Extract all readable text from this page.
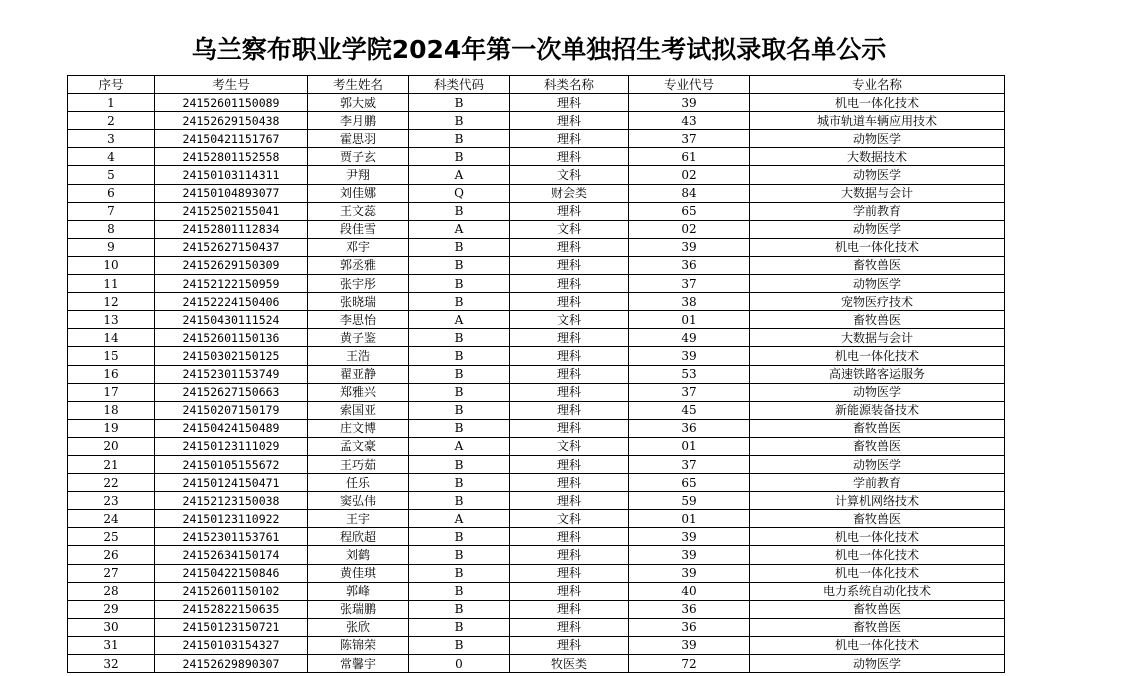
乌兰察布职业学院2024年第一次单独招生考试拟录取名单公示
序号	考生号	考生姓名	科类代码	科类名称	专业代号	专业名称
1	24152601150089	郭大威	B	理科	39	机电一体化技术
2	24152629150438	李月鹏	B	理科	43	城市轨道车辆应用技术
3	24150421151767	霍思羽	B	理科	37	动物医学
4	24152801152558	贾子玄	B	理科	61	大数据技术
5	24150103114311	尹翔	A	文科	02	动物医学
6	24150104893077	刘佳娜	Q	财会类	84	大数据与会计
7	24152502155041	王文蕊	B	理科	65	学前教育
8	24152801112834	段佳雪	A	文科	02	动物医学
9	24152627150437	邓宇	B	理科	39	机电一体化技术
10	24152629150309	郭丞雅	B	理科	36	畜牧兽医
11	24152122150959	张宇彤	B	理科	37	动物医学
12	24152224150406	张晓瑞	B	理科	38	宠物医疗技术
13	24150430111524	李思怡	A	文科	01	畜牧兽医
14	24152601150136	黄子鉴	B	理科	49	大数据与会计
15	24150302150125	王浩	B	理科	39	机电一体化技术
16	24152301153749	翟亚静	B	理科	53	高速铁路客运服务
17	24152627150663	郑雅兴	B	理科	37	动物医学
18	24150207150179	索国亚	B	理科	45	新能源装备技术
19	24150424150489	庄文博	B	理科	36	畜牧兽医
20	24150123111029	孟文豪	A	文科	01	畜牧兽医
21	24150105155672	王巧茹	B	理科	37	动物医学
22	24150124150471	任乐	B	理科	65	学前教育
23	24152123150038	窦弘伟	B	理科	59	计算机网络技术
24	24150123110922	王宇	A	文科	01	畜牧兽医
25	24152301153761	程欣超	B	理科	39	机电一体化技术
26	24152634150174	刘鹤	B	理科	39	机电一体化技术
27	24150422150846	黄佳琪	B	理科	39	机电一体化技术
28	24152601150102	郭峰	B	理科	40	电力系统自动化技术
29	24152822150635	张瑞鹏	B	理科	36	畜牧兽医
30	24150123150721	张欣	B	理科	36	畜牧兽医
31	24150103154327	陈锦荣	B	理科	39	机电一体化技术
32	24152629890307	常馨宇	0	牧医类	72	动物医学
